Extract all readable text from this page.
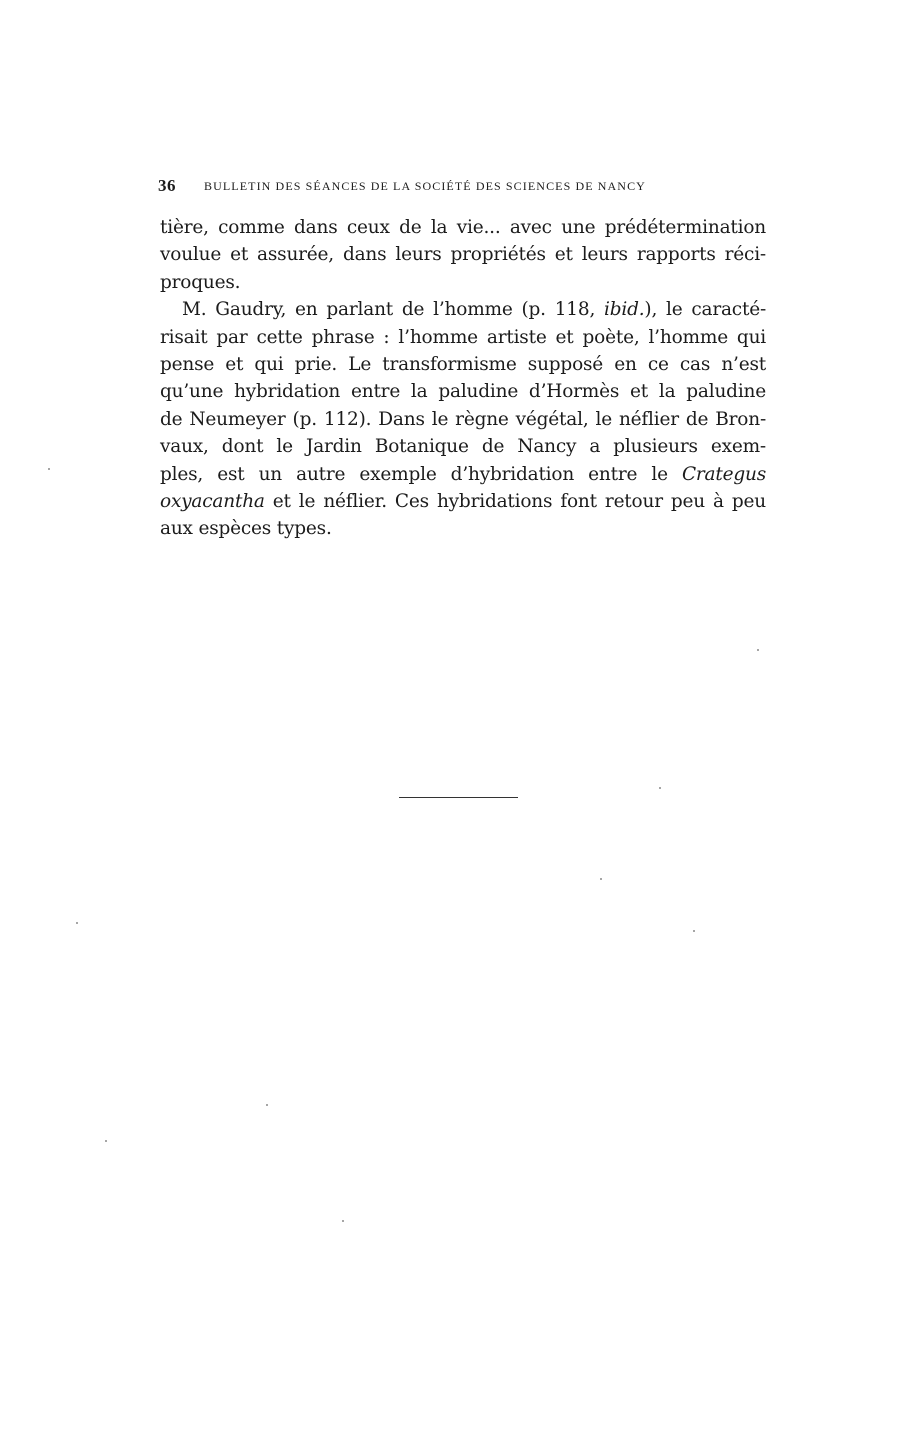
36 BULLETIN DES SÉANCES DE LA SOCIÉTÉ DES SCIENCES DE NANCY
tière, comme dans ceux de la vie... avec une prédétermination
voulue et assurée, dans leurs propriétés et leurs rapports réci-
proques.
M. Gaudry, en parlant de l’homme (p. 118, ibid.), le caracté-
risait par cette phrase : l’homme artiste et poète, l’homme qui
pense et qui prie. Le transformisme supposé en ce cas n’est
qu’une hybridation entre la paludine d’Hormès et la paludine
de Neumeyer (p. 112). Dans le règne végétal, le néflier de Bron-
vaux, dont le Jardin Botanique de Nancy a plusieurs exem-
ples, est un autre exemple d’hybridation entre le Crategus
oxyacantha et le néflier. Ces hybridations font retour peu à peu
aux espèces types.
